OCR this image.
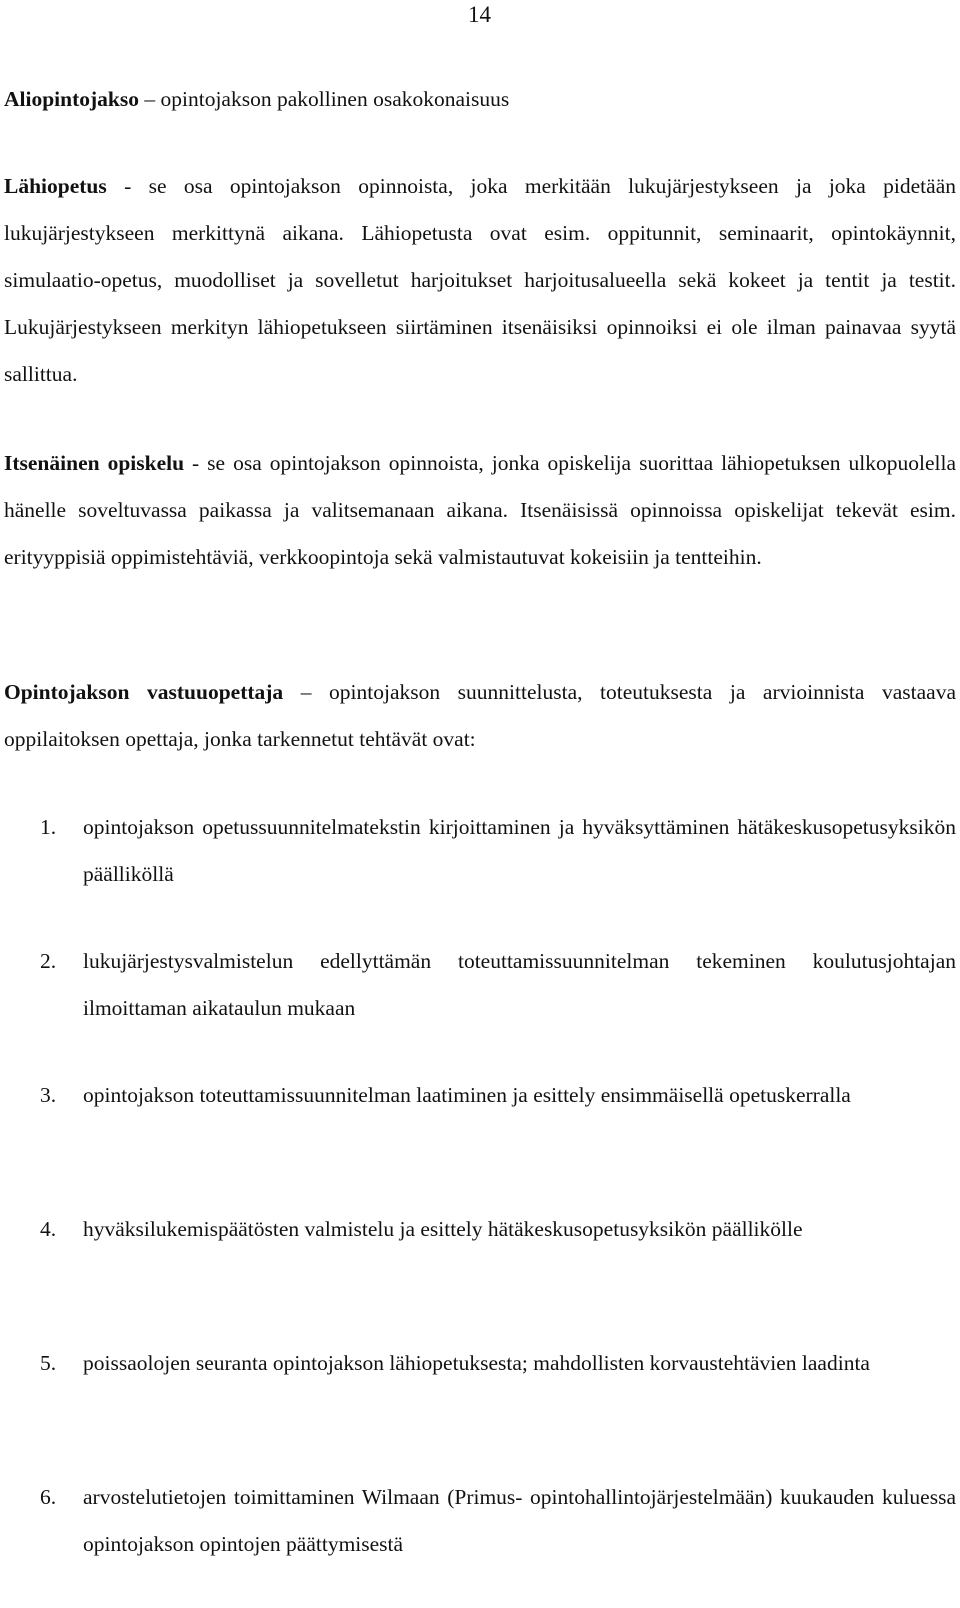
14

Aliopintojakso – opintojakson pakollinen osakokonaisuus

Lähiopetus - se osa opintojakson opinnoista, joka merkitään lukujärjestykseen ja joka pidetään lukujärjestykseen merkittynä aikana. Lähiopetusta ovat esim. oppitunnit, seminaarit, opintokäynnit, simulaatio-opetus, muodolliset ja sovelletut harjoitukset harjoitusalueella sekä kokeet ja tentit ja testit. Lukujärjestykseen merkityn lähiopetukseen siirtäminen itsenäisiksi opinnoiksi ei ole ilman painavaa syytä sallittua.

Itsenäinen opiskelu - se osa opintojakson opinnoista, jonka opiskelija suorittaa lähiopetuksen ulkopuolella hänelle soveltuvassa paikassa ja valitsemanaan aikana. Itsenäisissä opinnoissa opiskelijat tekevät esim. erityyppisiä oppimistehtäviä, verkkoopintoja sekä valmistautuvat kokeisiin ja tentteihin.

Opintojakson vastuuopettaja – opintojakson suunnittelusta, toteutuksesta ja arvioinnista vastaava oppilaitoksen opettaja, jonka tarkennetut tehtävät ovat:

1. opintojakson opetussuunnitelmatekstin kirjoittaminen ja hyväksyttäminen hätäkeskusopetusyksikön päälliköllä
2. lukujärjestysvalmistelun edellyttämän toteuttamissuunnitelman tekeminen koulutusjohtajan ilmoittaman aikataulun mukaan
3. opintojakson toteuttamissuunnitelman laatiminen ja esittely ensimmäisellä opetuskerralla
4. hyväksilukemispäätösten valmistelu ja esittely hätäkeskusopetusyksikön päällikölle
5. poissaolojen seuranta opintojakson lähiopetuksesta; mahdollisten korvaustehtävien laadinta
6. arvostelutietojen toimittaminen Wilmaan (Primus- opintohallintojärjestelmään) kuukauden kuluessa opintojakson opintojen päättymisestä
